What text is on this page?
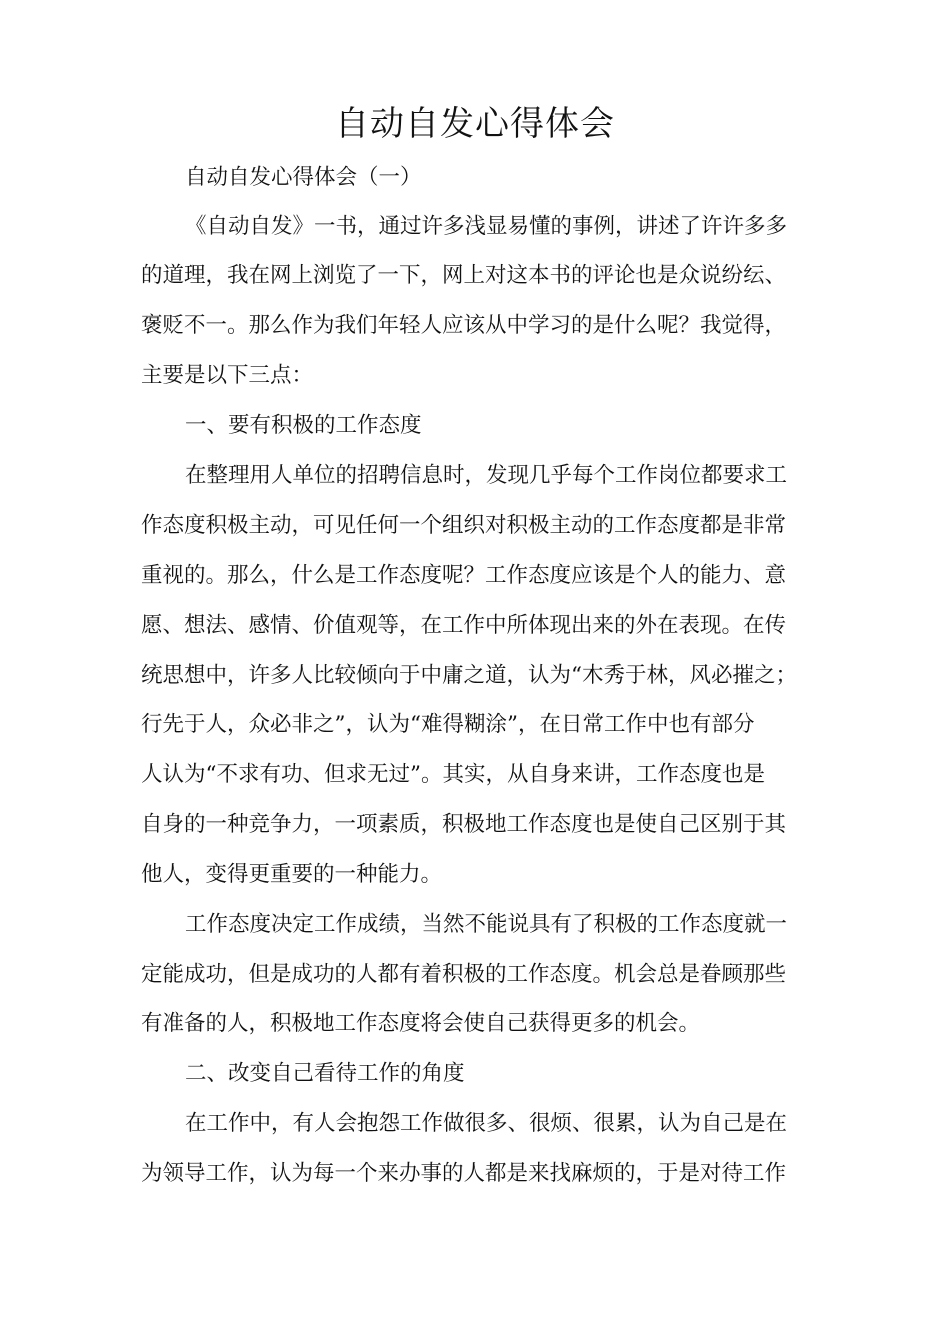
自动自发心得体会
自动自发心得体会（一）
《自动自发》一书，通过许多浅显易懂的事例，讲述了许许多多
的道理，我在网上浏览了一下，网上对这本书的评论也是众说纷纭、
褒贬不一。那么作为我们年轻人应该从中学习的是什么呢？我觉得，
主要是以下三点：
一、要有积极的工作态度
在整理用人单位的招聘信息时，发现几乎每个工作岗位都要求工
作态度积极主动，可见任何一个组织对积极主动的工作态度都是非常
重视的。那么，什么是工作态度呢？工作态度应该是个人的能力、意
愿、想法、感情、价值观等，在工作中所体现出来的外在表现。在传
统思想中，许多人比较倾向于中庸之道，认为“木秀于林，风必摧之；
行先于人，众必非之”，认为“难得糊涂”，在日常工作中也有部分
人认为“不求有功、但求无过”。其实，从自身来讲，工作态度也是
自身的一种竞争力，一项素质，积极地工作态度也是使自己区别于其
他人，变得更重要的一种能力。
工作态度决定工作成绩，当然不能说具有了积极的工作态度就一
定能成功，但是成功的人都有着积极的工作态度。机会总是眷顾那些
有准备的人，积极地工作态度将会使自己获得更多的机会。
二、改变自己看待工作的角度
在工作中，有人会抱怨工作做很多、很烦、很累，认为自己是在
为领导工作，认为每一个来办事的人都是来找麻烦的，于是对待工作
